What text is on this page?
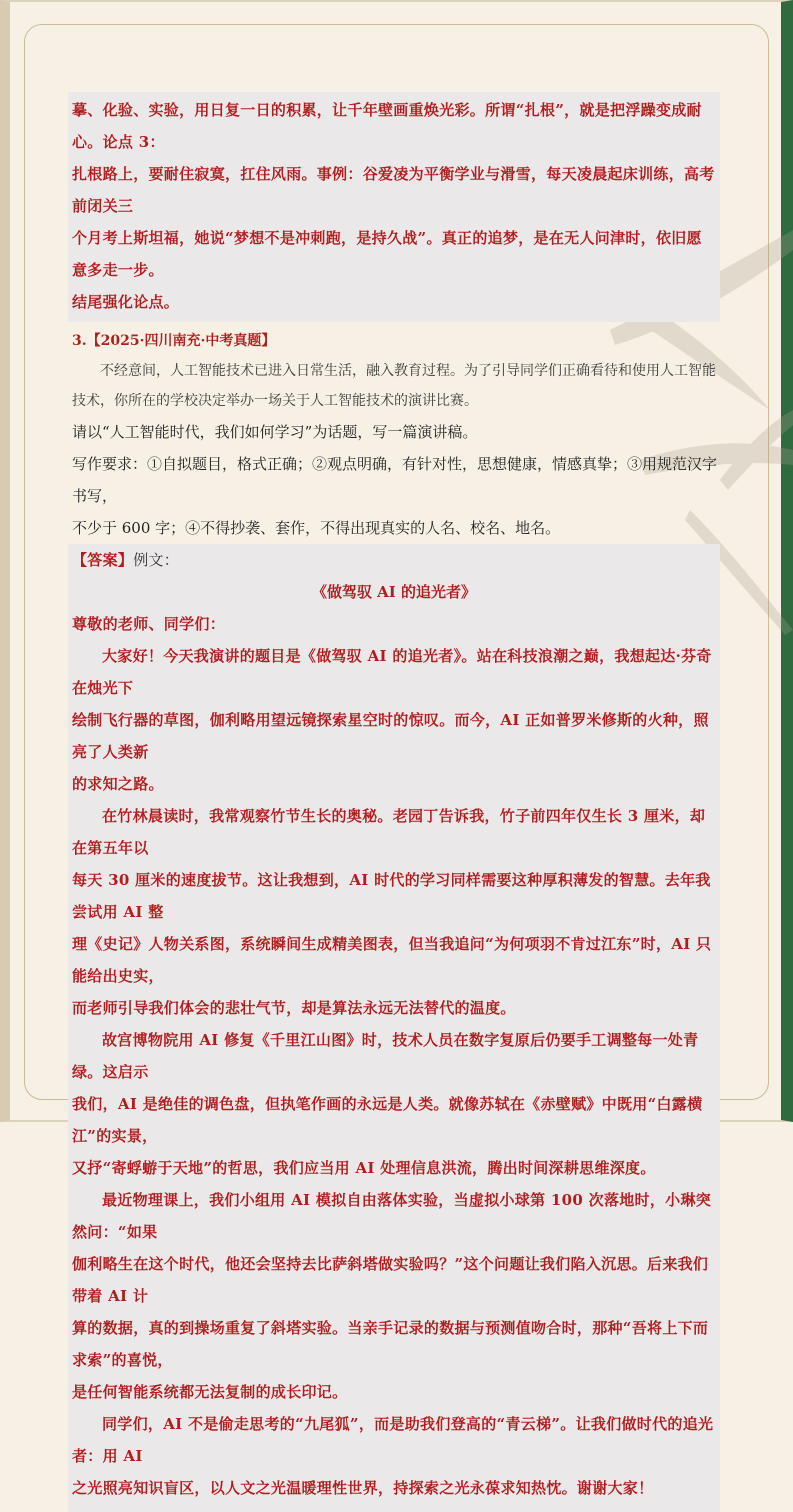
摹、化验、实验，用日复一日的积累，让千年壁画重焕光彩。所谓“扎根”，就是把浮躁变成耐心。论点 3：

扎根路上，要耐住寂寞，扛住风雨。事例：谷爱凌为平衡学业与滑雪，每天凌晨起床训练，高考前闭关三

个月考上斯坦福，她说“梦想不是冲刺跑，是持久战”。真正的追梦，是在无人问津时，依旧愿意多走一步。

结尾强化论点。

3.【2025·四川南充·中考真题】

不经意间，人工智能技术已进入日常生活，融入教育过程。为了引导同学们正确看待和使用人工智能

技术，你所在的学校决定举办一场关于人工智能技术的演讲比赛。

请以“人工智能时代，我们如何学习”为话题，写一篇演讲稿。

写作要求：①自拟题目，格式正确；②观点明确，有针对性，思想健康，情感真挚；③用规范汉字书写，

不少于 600 字；④不得抄袭、套作，不得出现真实的人名、校名、地名。

【答案】例文：

《做驾驭 AI 的追光者》

尊敬的老师、同学们：

大家好！今天我演讲的题目是《做驾驭 AI 的追光者》。站在科技浪潮之巅，我想起达·芬奇在烛光下

绘制飞行器的草图，伽利略用望远镜探索星空时的惊叹。而今，AI 正如普罗米修斯的火种，照亮了人类新

的求知之路。

在竹林晨读时，我常观察竹节生长的奥秘。老园丁告诉我，竹子前四年仅生长 3 厘米，却在第五年以

每天 30 厘米的速度拔节。这让我想到，AI 时代的学习同样需要这种厚积薄发的智慧。去年我尝试用 AI 整

理《史记》人物关系图，系统瞬间生成精美图表，但当我追问“为何项羽不肯过江东”时，AI 只能给出史实，

而老师引导我们体会的悲壮气节，却是算法永远无法替代的温度。

故宫博物院用 AI 修复《千里江山图》时，技术人员在数字复原后仍要手工调整每一处青绿。这启示

我们，AI 是绝佳的调色盘，但执笔作画的永远是人类。就像苏轼在《赤壁赋》中既用“白露横江”的实景，

又抒“寄蜉蝣于天地”的哲思，我们应当用 AI 处理信息洪流，腾出时间深耕思维深度。

最近物理课上，我们小组用 AI 模拟自由落体实验，当虚拟小球第 100 次落地时，小琳突然问：“如果

伽利略生在这个时代，他还会坚持去比萨斜塔做实验吗？”这个问题让我们陷入沉思。后来我们带着 AI 计

算的数据，真的到操场重复了斜塔实验。当亲手记录的数据与预测值吻合时，那种“吾将上下而求索”的喜悦，

是任何智能系统都无法复制的成长印记。

同学们，AI 不是偷走思考的“九尾狐”，而是助我们登高的“青云梯”。让我们做时代的追光者：用 AI

之光照亮知识盲区，以人文之光温暖理性世界，持探索之光永葆求知热忱。谢谢大家！
